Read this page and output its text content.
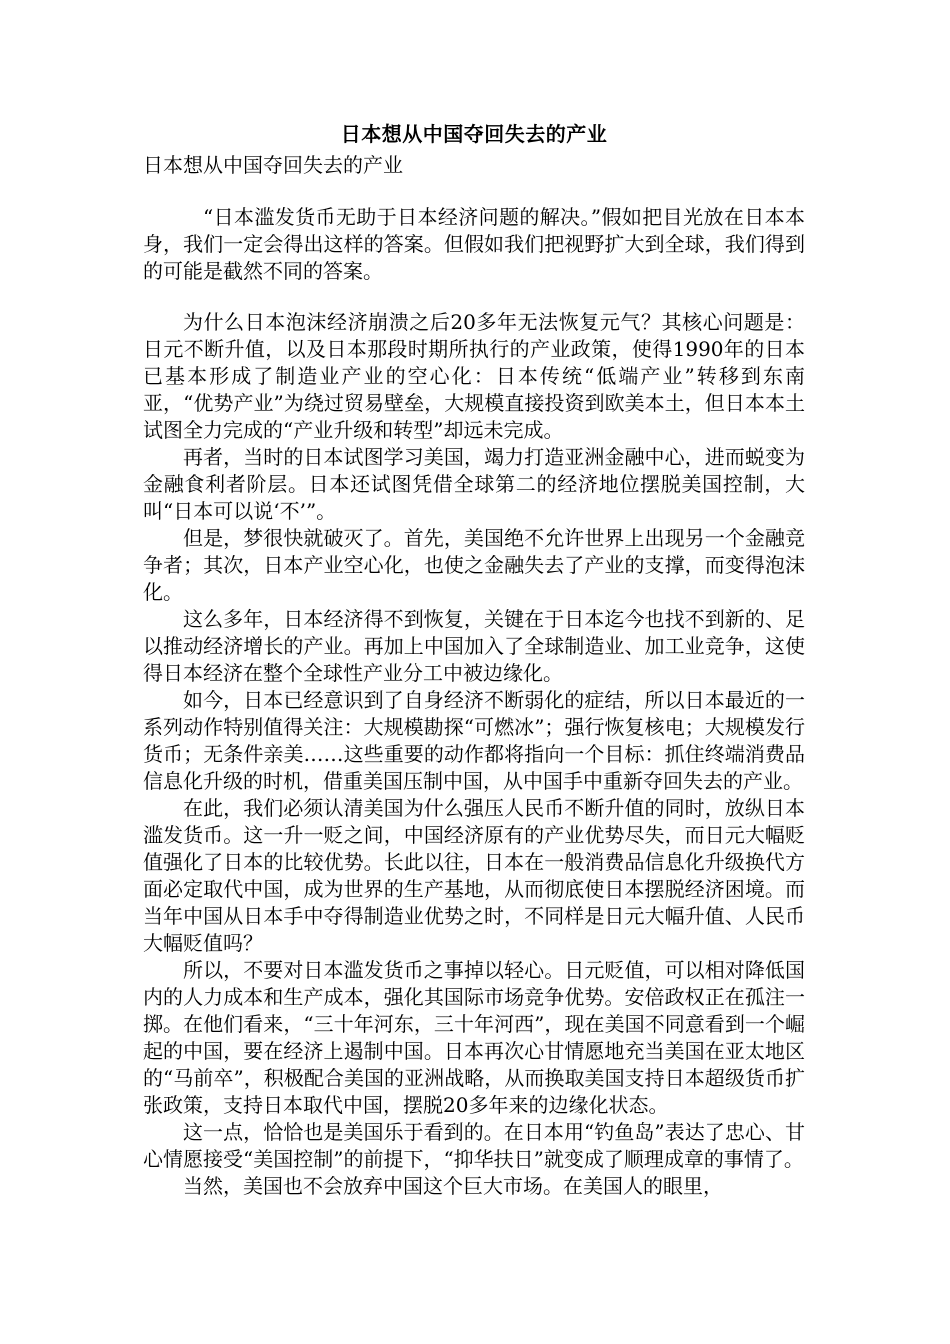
日本想从中国夺回失去的产业

日本想从中国夺回失去的产业

“日本滥发货币无助于日本经济问题的解决。”假如把目光放在日本本身，我们一定会得出这样的答案。但假如我们把视野扩大到全球，我们得到的可能是截然不同的答案。

为什么日本泡沫经济崩溃之后20多年无法恢复元气？其核心问题是：日元不断升值，以及日本那段时期所执行的产业政策，使得1990年的日本已基本形成了制造业产业的空心化：日本传统“低端产业”转移到东南亚，“优势产业”为绕过贸易壁垒，大规模直接投资到欧美本土，但日本本土试图全力完成的“产业升级和转型”却远未完成。

再者，当时的日本试图学习美国，竭力打造亚洲金融中心，进而蜕变为金融食利者阶层。日本还试图凭借全球第二的经济地位摆脱美国控制，大叫“日本可以说‘不’”。

但是，梦很快就破灭了。首先，美国绝不允许世界上出现另一个金融竞争者；其次，日本产业空心化，也使之金融失去了产业的支撑，而变得泡沫化。

这么多年，日本经济得不到恢复，关键在于日本迄今也找不到新的、足以推动经济增长的产业。再加上中国加入了全球制造业、加工业竞争，这使得日本经济在整个全球性产业分工中被边缘化。

如今，日本已经意识到了自身经济不断弱化的症结，所以日本最近的一系列动作特别值得关注：大规模勘探“可燃冰”；强行恢复核电；大规模发行货币；无条件亲美……这些重要的动作都将指向一个目标：抓住终端消费品信息化升级的时机，借重美国压制中国，从中国手中重新夺回失去的产业。

在此，我们必须认清美国为什么强压人民币不断升值的同时，放纵日本滥发货币。这一升一贬之间，中国经济原有的产业优势尽失，而日元大幅贬值强化了日本的比较优势。长此以往，日本在一般消费品信息化升级换代方面必定取代中国，成为世界的生产基地，从而彻底使日本摆脱经济困境。而当年中国从日本手中夺得制造业优势之时，不同样是日元大幅升值、人民币大幅贬值吗？

所以，不要对日本滥发货币之事掉以轻心。日元贬值，可以相对降低国内的人力成本和生产成本，强化其国际市场竞争优势。安倍政权正在孤注一掷。在他们看来，“三十年河东，三十年河西”，现在美国不同意看到一个崛起的中国，要在经济上遏制中国。日本再次心甘情愿地充当美国在亚太地区的“马前卒”，积极配合美国的亚洲战略，从而换取美国支持日本超级货币扩张政策，支持日本取代中国，摆脱20多年来的边缘化状态。

这一点，恰恰也是美国乐于看到的。在日本用“钓鱼岛”表达了忠心、甘心情愿接受“美国控制”的前提下，“抑华扶日”就变成了顺理成章的事情了。

当然，美国也不会放弃中国这个巨大市场。在美国人的眼里，
